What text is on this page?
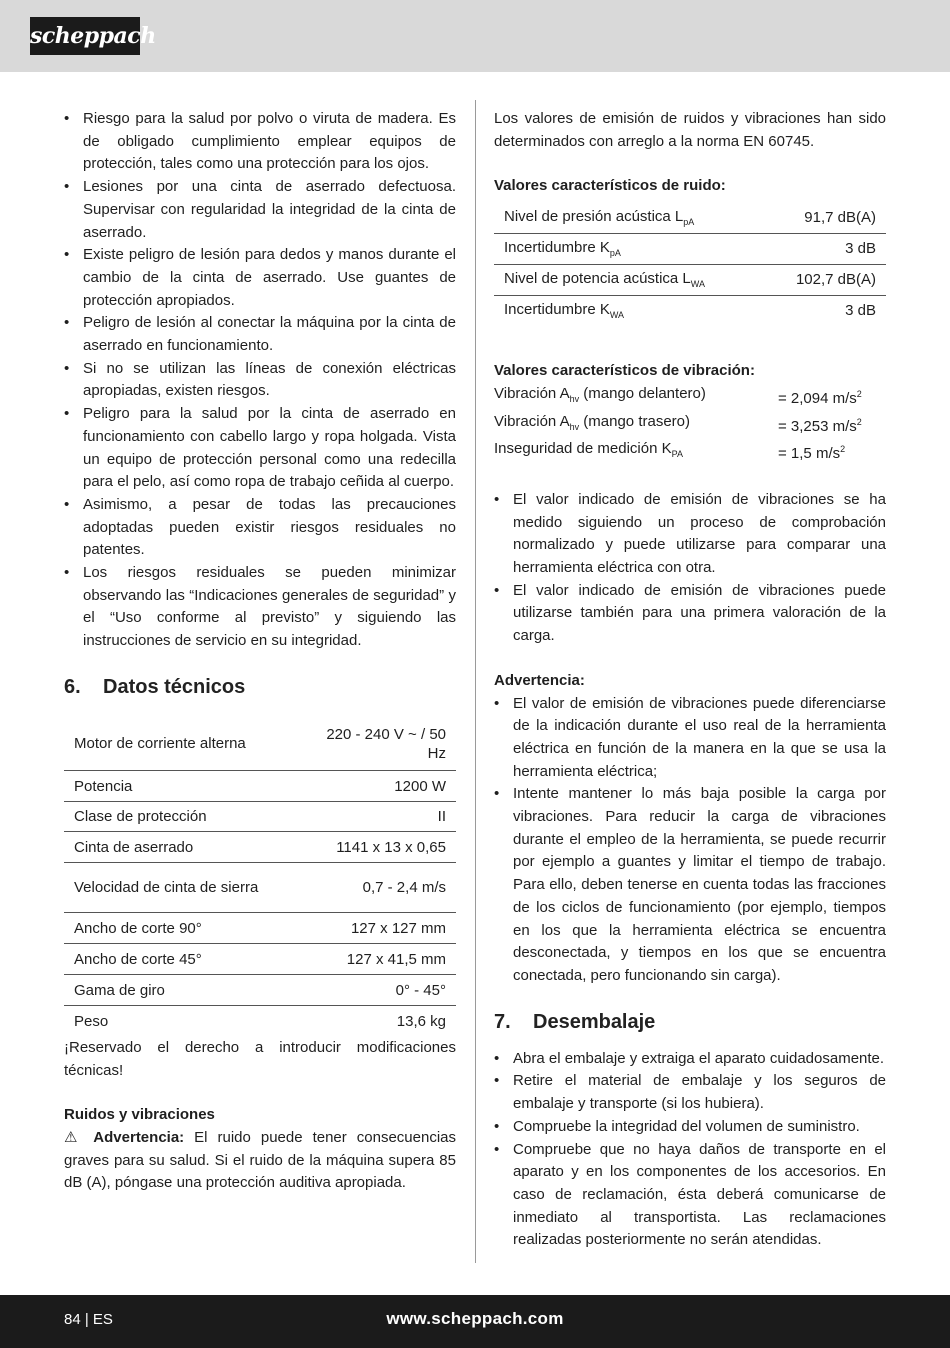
scheppach
• Riesgo para la salud por polvo o viruta de madera. Es de obligado cumplimiento emplear equipos de protección, tales como una protección para los ojos.
• Lesiones por una cinta de aserrado defectuosa. Supervisar con regularidad la integridad de la cinta de aserrado.
• Existe peligro de lesión para dedos y manos durante el cambio de la cinta de aserrado. Use guantes de protección apropiados.
• Peligro de lesión al conectar la máquina por la cinta de aserrado en funcionamiento.
• Si no se utilizan las líneas de conexión eléctricas apropiadas, existen riesgos.
• Peligro para la salud por la cinta de aserrado en funcionamiento con cabello largo y ropa holgada. Vista un equipo de protección personal como una redecilla para el pelo, así como ropa de trabajo ceñida al cuerpo.
• Asimismo, a pesar de todas las precauciones adoptadas pueden existir riesgos residuales no patentes.
• Los riesgos residuales se pueden minimizar observando las “Indicaciones generales de seguridad” y el “Uso conforme al previsto” y siguiendo las instrucciones de servicio en su integridad.
6.	Datos técnicos
Motor de corriente alterna	220 - 240 V ~ / 50 Hz
Potencia	1200 W
Clase de protección	II
Cinta de aserrado	1141 x 13 x 0,65
Velocidad de cinta de sierra	0,7 - 2,4 m/s
Ancho de corte 90°	127 x 127 mm
Ancho de corte 45°	127 x 41,5 mm
Gama de giro	0° - 45°
Peso	13,6 kg
¡Reservado el derecho a introducir modificaciones técnicas!
Ruidos y vibraciones
⚠ Advertencia: El ruido puede tener consecuencias graves para su salud. Si el ruido de la máquina supera 85 dB (A), póngase una protección auditiva apropiada.
Los valores de emisión de ruidos y vibraciones han sido determinados con arreglo a la norma EN 60745.
Valores característicos de ruido:
Nivel de presión acústica $L_{pA}$	91,7 dB(A)
Incertidumbre $K_{pA}$	3 dB
Nivel de potencia acústica $L_{WA}$	102,7 dB(A)
Incertidumbre $K_{WA}$	3 dB
Valores característicos de vibración:
Vibración $A_{hv}$ (mango delantero)	= 2,094 $m/s^2$
Vibración $A_{hv}$ (mango trasero)	= 3,253 $m/s^2$
Inseguridad de medición $K_{PA}$	= 1,5 $m/s^2$
• El valor indicado de emisión de vibraciones se ha medido siguiendo un proceso de comprobación normalizado y puede utilizarse para comparar una herramienta eléctrica con otra.
• El valor indicado de emisión de vibraciones puede utilizarse también para una primera valoración de la carga.
Advertencia:
• El valor de emisión de vibraciones puede diferenciarse de la indicación durante el uso real de la herramienta eléctrica en función de la manera en la que se usa la herramienta eléctrica;
• Intente mantener lo más baja posible la carga por vibraciones. Para reducir la carga de vibraciones durante el empleo de la herramienta, se puede recurrir por ejemplo a guantes y limitar el tiempo de trabajo. Para ello, deben tenerse en cuenta todas las fracciones de los ciclos de funcionamiento (por ejemplo, tiempos en los que la herramienta eléctrica se encuentra desconectada, y tiempos en los que se encuentra conectada, pero funcionando sin carga).
7.	Desembalaje
• Abra el embalaje y extraiga el aparato cuidadosamente.
• Retire el material de embalaje y los seguros de embalaje y transporte (si los hubiera).
• Compruebe la integridad del volumen de suministro.
• Compruebe que no haya daños de transporte en el aparato y en los componentes de los accesorios. En caso de reclamación, ésta deberá comunicarse de inmediato al transportista. Las reclamaciones realizadas posteriormente no serán atendidas.
84 | ES	www.scheppach.com
